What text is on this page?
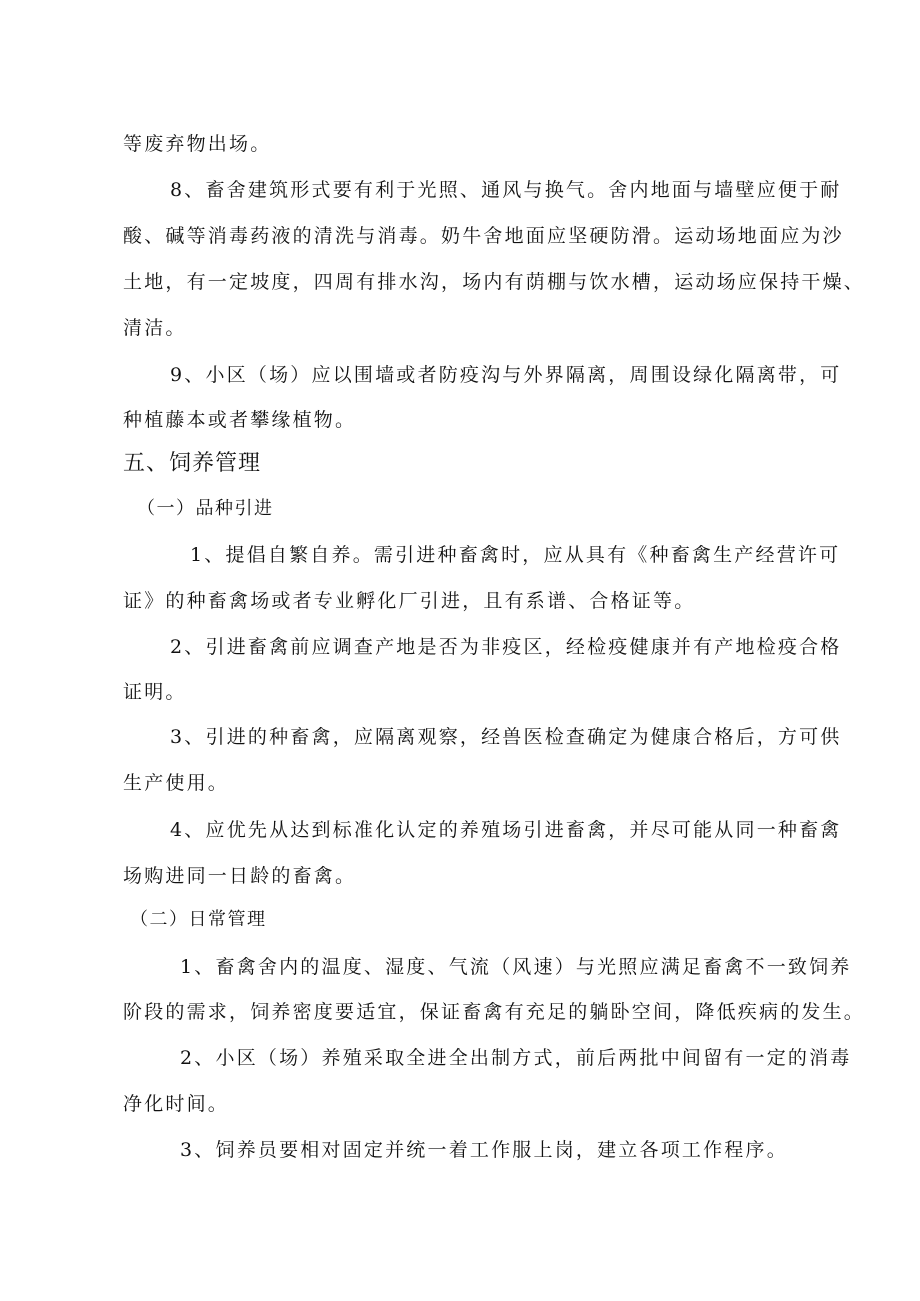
等废弃物出场。
8、畜舍建筑形式要有利于光照、通风与换气。舍内地面与墙壁应便于耐
酸、碱等消毒药液的清洗与消毒。奶牛舍地面应坚硬防滑。运动场地面应为沙
土地，有一定坡度，四周有排水沟，场内有荫棚与饮水槽，运动场应保持干燥、
清洁。
9、小区（场）应以围墙或者防疫沟与外界隔离，周围设绿化隔离带，可
种植藤本或者攀缘植物。
五、饲养管理
（一）品种引进
1、提倡自繁自养。需引进种畜禽时，应从具有《种畜禽生产经营许可
证》的种畜禽场或者专业孵化厂引进，且有系谱、合格证等。
2、引进畜禽前应调查产地是否为非疫区，经检疫健康并有产地检疫合格
证明。
3、引进的种畜禽，应隔离观察，经兽医检查确定为健康合格后，方可供
生产使用。
4、应优先从达到标准化认定的养殖场引进畜禽，并尽可能从同一种畜禽
场购进同一日龄的畜禽。
（二）日常管理
1、畜禽舍内的温度、湿度、气流（风速）与光照应满足畜禽不一致饲养
阶段的需求，饲养密度要适宜，保证畜禽有充足的躺卧空间，降低疾病的发生。
2、小区（场）养殖采取全进全出制方式，前后两批中间留有一定的消毒
净化时间。
3、饲养员要相对固定并统一着工作服上岗，建立各项工作程序。
